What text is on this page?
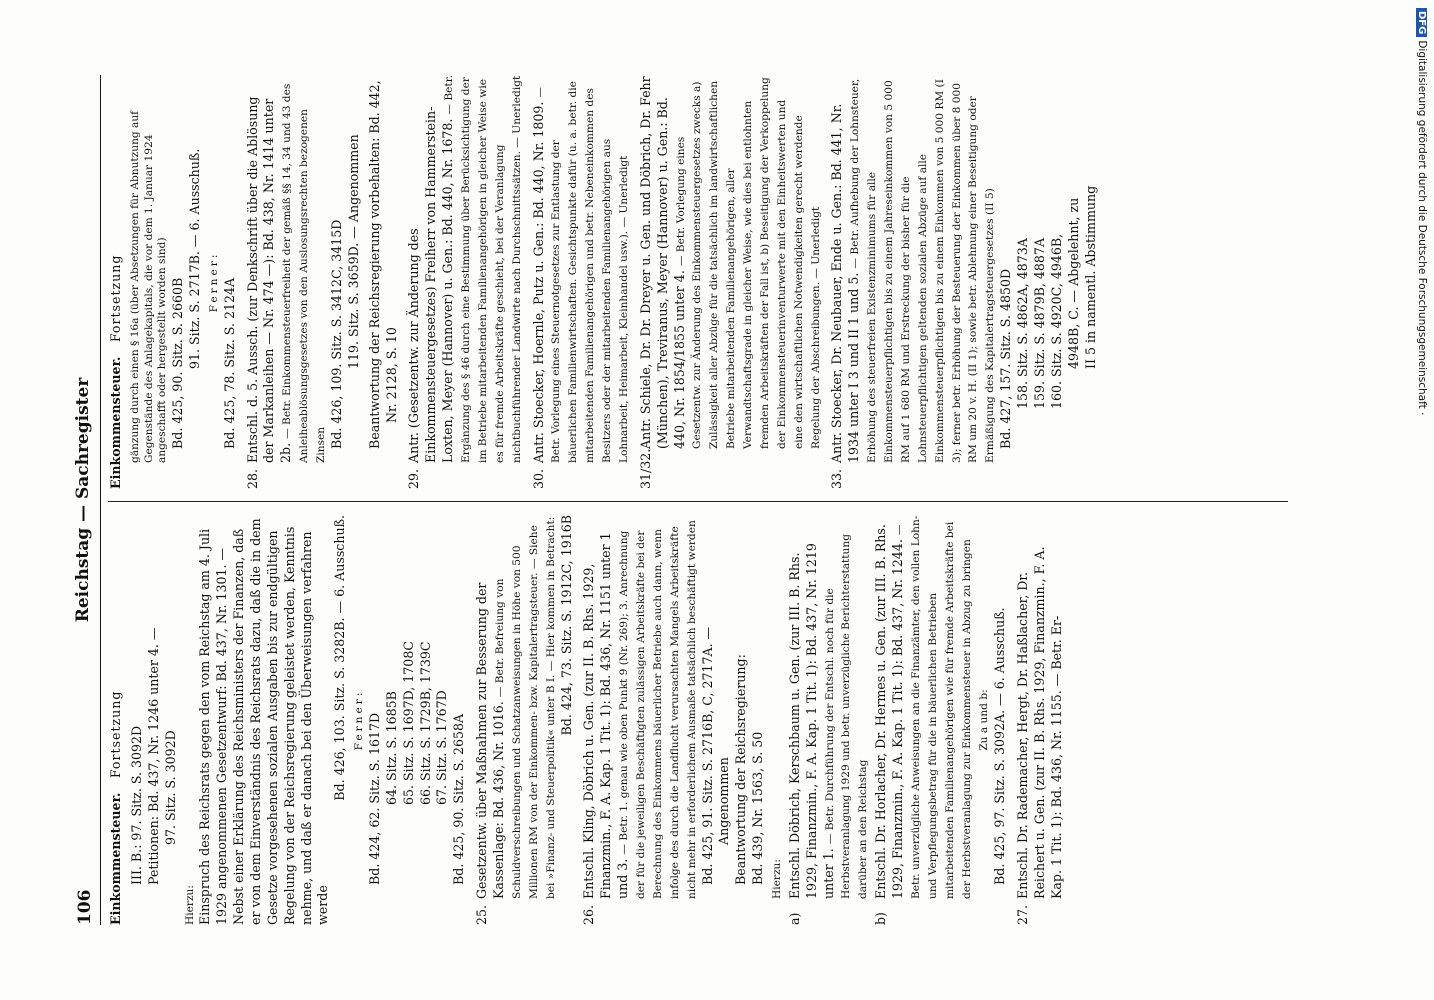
106
Reichstag — Sachregister
Einkommensteuer. Fortsetzung III. B.: 97. Sitz. S. 3092D Petitionen: Bd. 437, Nr. 1246 unter 4. — 97. Sitz. S. 3092D

Hierzu: Einspruch des Reichsrats gegen den vom Reichstag am 4. Juli 1929 angenommenen Gesetzentwurf: Bd. 437, Nr. 1301. — Nebst einer Erklärung des Reichsministers der Finanzen, daß er von dem Einverständnis des Reichsrats dazu, daß die in dem Gesetze vorgesehenen sozialen Ausgaben bis zur endgültigen Regelung von der Reichsregierung geleistet werden, Kenntnis nehme, und daß er danach bei den Überweisungen verfahren werde

Bd. 426, 103. Sitz. S. 3282B. — 6. Ausschuß. Ferner: Bd. 424, 62. Sitz. S. 1617D 64. Sitz. S. 1685B 65. Sitz. S. 1697D, 1708C 66. Sitz. S. 1729B, 1739C 67. Sitz. S. 1767D Bd. 425, 90. Sitz. S. 2658A

25.Gesetzentw. über Maßnahmen zur Besserung der Kassenlage: Bd. 436, Nr. 1016. — Betr. Befreiung von Schuldverschreibungen und Schatzanweisungen in Höhe von 500 Millionen RM von der Einkommen- bzw. Kapitalertragsteuer. — Siehe bei »Finanz- und Steuerpolitik« unter B I. — Hier kommen in Betracht: Bd. 424, 73. Sitz. S. 1912C, 1916B
26.Entschl. Kling, Döbrich u. Gen. (zur II. B. Rhs. 1929, Finanzmin., F. A. Kap. 1 Tit. 1): Bd. 436, Nr. 1151 unter 1 und 3. — Betr. 1. genau wie oben Punkt 9 (Nr. 269); 3. Anrechnung der für die jeweiligen Beschäftigten zulässigen Arbeitskräfte bei der Berechnung des Einkommens bäuerlicher Betriebe auch dann, wenn infolge des durch die Landflucht verursachten Mangels Arbeitskräfte nicht mehr in erforderlichem Ausmaße tatsächlich beschäftigt werden Bd. 425, 91. Sitz. S. 2716B, C, 2717A. — Angenommen Beantwortung der Reichsregierung: Bd. 439, Nr. 1563, S. 50 Hierzu:

a)Entschl. Döbrich, Kerschbaum u. Gen. (zur III. B. Rhs. 1929, Finanzmin., F. A. Kap. 1 Tit. 1): Bd. 437, Nr. 1219 unter 1. — Betr. Durchführung der Entschl. noch für die Herbstveranlagung 1929 und betr. unverzügliche Berichterstattung darüber an den Reichstag
b)Entschl. Dr. Horlacher, Dr. Hermes u. Gen. (zur III. B. Rhs. 1929, Finanzmin., F. A. Kap. 1 Tit. 1): Bd. 437, Nr. 1244. — Betr. unverzügliche Anweisungen an die Finanzämter, den vollen Lohn- und Verpflegungsbetrag für die in bäuerlichen Betrieben mitarbeitenden Familienangehörigen wie für fremde Arbeitskräfte bei der Herbstveranlagung zur Einkommensteuer in Abzug zu bringen Zu a und b: Bd. 425, 97. Sitz. S. 3092A. — 6. Ausschuß.

27.Entschl. Dr. Rademacher, Hergt, Dr. Haßlacher, Dr. Reichert u. Gen. (zur II. B. Rhs. 1929, Finanzmin., F. A. Kap. 1 Tit. 1): Bd. 436, Nr. 1155. — Betr. Er-
Einkommensteuer. Fortsetzung gänzung durch einen § 16a (über Absetzungen für Abnutzung auf Gegenstände des Anlagekapitals, die vor dem 1. Januar 1924 angeschafft oder hergestellt worden sind) Bd. 425, 90. Sitz. S. 2660B 91. Sitz. S. 2717B. — 6. Ausschuß. Ferner: Bd. 425, 78. Sitz. S. 2124A

28.Entschl. d. 5. Aussch. (zur Denkschrift über die Ablösung der Markanleihen — Nr. 474 —): Bd. 438, Nr. 1414 unter 2b. — Betr. Einkommensteuerfreiheit der gemäß §§ 14, 34 und 43 des Anleiheablösungsgesetzes von den Auslosungsrechten bezogenen Zinsen Bd. 426, 109. Sitz. S. 3412C, 3415D 119. Sitz. S. 3659D. — Angenommen Beantwortung der Reichsregierung vorbehalten: Bd. 442, Nr. 2128, S. 10
29.Antr. (Gesetzentw. zur Änderung des Einkommensteuergesetzes) Freiherr von Hammerstein-Loxten, Meyer (Hannover) u. Gen.: Bd. 440, Nr. 1678. — Betr. Ergänzung des § 46 durch eine Bestimmung über Berücksichtigung der im Betriebe mitarbeitenden Familienangehörigen in gleicher Weise wie es für fremde Arbeitskräfte geschieht, bei der Veranlagung nichtbuchführender Landwirte nach Durchschnittssätzen. — Unerledigt
30.Antr. Stoecker, Hoernle, Putz u. Gen.: Bd. 440, Nr. 1809. — Betr. Vorlegung eines Steuernotgesetzes zur Entlastung der bäuerlichen Familienwirtschaften. Gesichtspunkte dafür (u. a. betr. die mitarbeitenden Familienangehörigen und betr. Nebeneinkommen des Besitzers oder der mitarbeitenden Familienangehörigen aus Lohnarbeit, Heimarbeit, Kleinhandel usw.). — Unerledigt
31/32.Antr. Schiele, Dr. Dr. Dreyer u. Gen. und Döbrich, Dr. Fehr (München), Treviranus, Meyer (Hannover) u. Gen.: Bd. 440, Nr. 1854/1855 unter 4. — Betr. Vorlegung eines Gesetzentw. zur Änderung des Einkommensteuergesetzes zwecks a) Zulässigkeit aller Abzüge für die tatsächlich im landwirtschaftlichen Betriebe mitarbeitenden Familienangehörigen, aller Verwandtschaftsgrade in gleicher Weise, wie dies bei entlohnten fremden Arbeitskräften der Fall ist, b) Beseitigung der Verkoppelung der Einkommensteuerinventurwerte mit den Einheitswerten und eine den wirtschaftlichen Notwendigkeiten gerecht werdende Regelung der Abschreibungen. — Unerledigt
33.Antr. Stoecker, Dr. Neubauer, Ende u. Gen.: Bd. 441, Nr. 1934 unter I 3 und II 1 und 5. — Betr. Aufhebung der Lohnsteuer, Erhöhung des steuerfreien Existenzminimums für alle Einkommensteuerpflichtigen bis zu einem Jahreseinkommen von 5 000 RM auf 1 680 RM und Erstreckung der bisher für die Lohnsteuerpflichtigen geltenden sozialen Abzüge auf alle Einkommensteuerpflichtigen bis zu einem Einkommen von 5 000 RM (I 3); ferner betr. Erhöhung der Besteuerung der Einkommen über 8 000 RM um 20 v. H. (II 1); sowie betr. Ablehnung einer Beseitigung oder Ermäßigung des Kapitalertragsteuergesetzes (II 5) Bd. 427, 157. Sitz. S. 4850D 158. Sitz. S. 4862A, 4873A 159. Sitz. S. 4879B, 4887A 160. Sitz. S. 4920C, 4946B, 4948B, C. — Abgelehnt, zu II 5 in namentl. Abstimmung
DFGDigitalisierung gefördert durch die Deutsche Forschungsgemeinschaft ·
